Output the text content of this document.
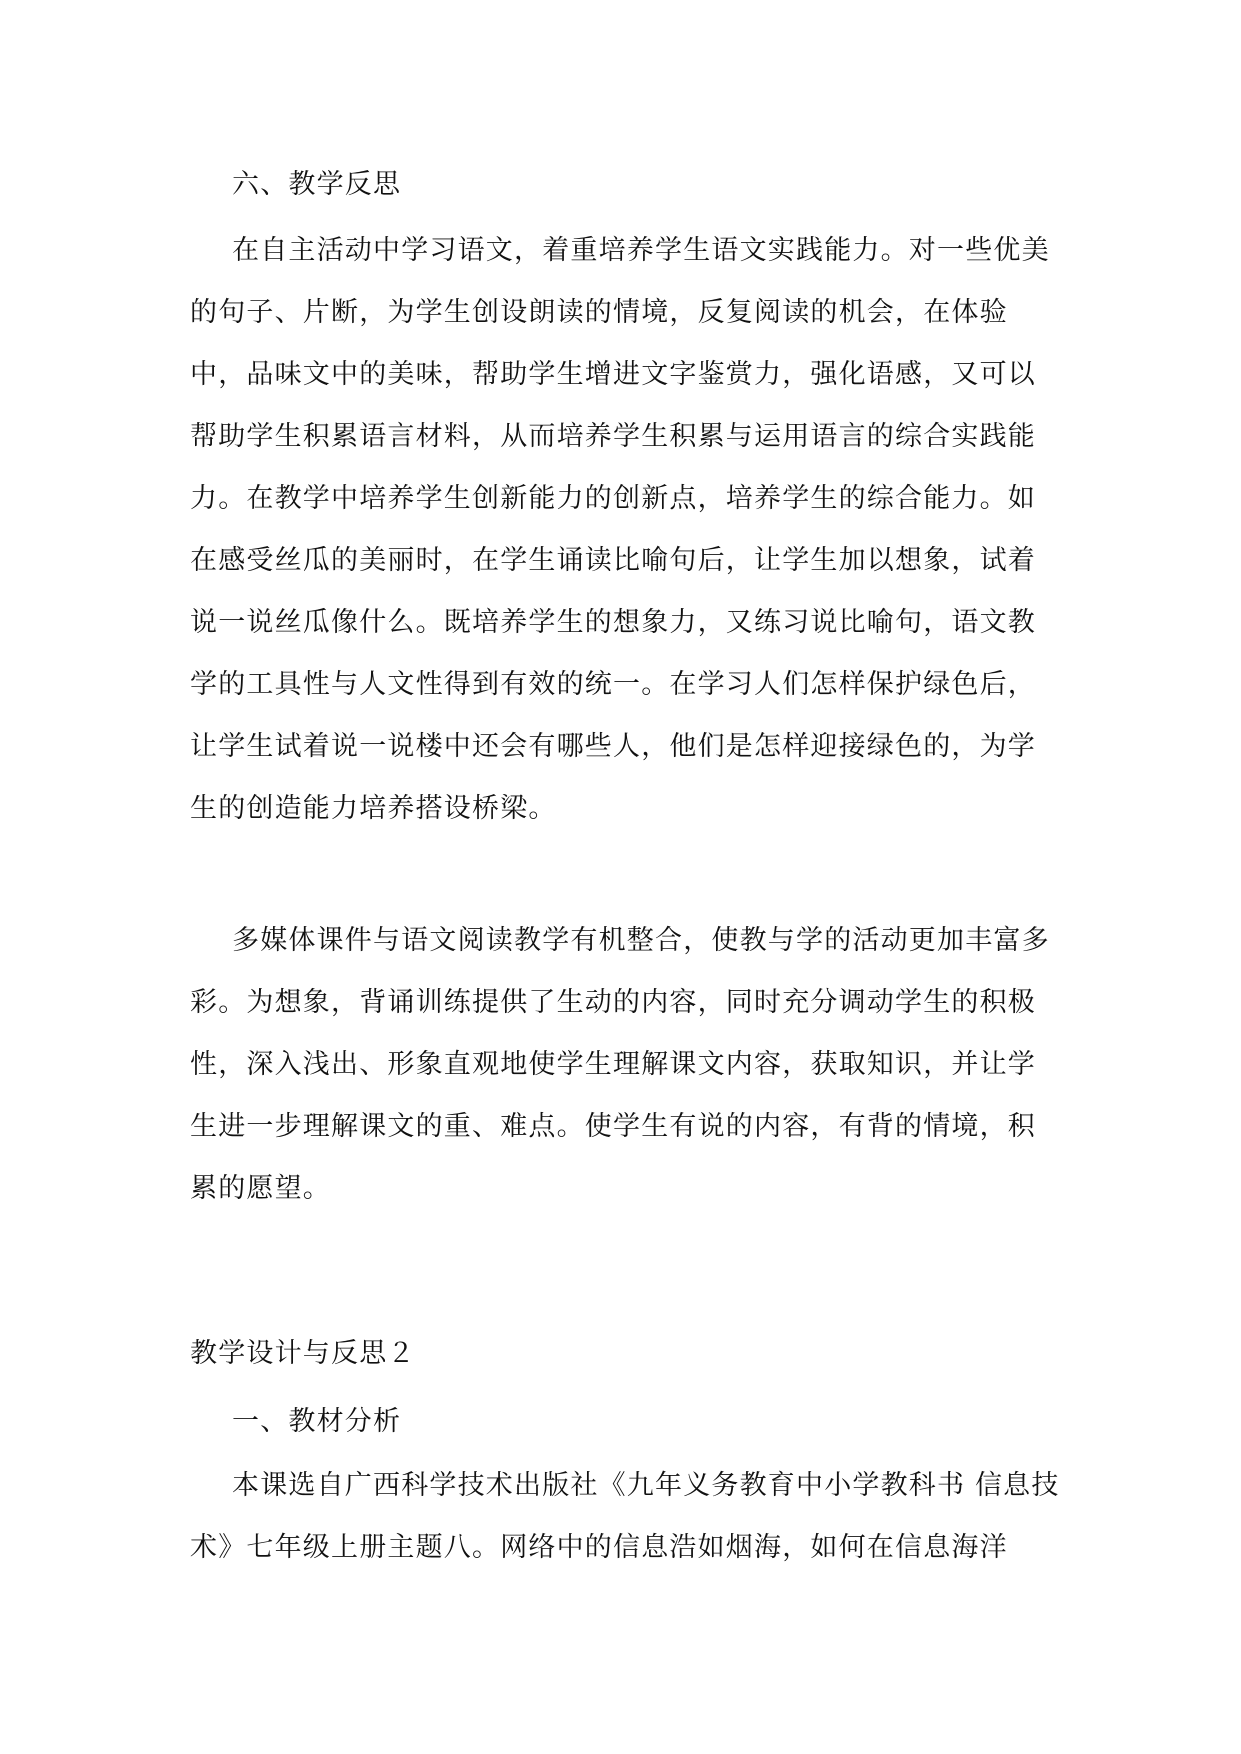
六、教学反思
在自主活动中学习语文，着重培养学生语文实践能力。对一些优美的句子、片断，为学生创设朗读的情境，反复阅读的机会，在体验中，品味文中的美味，帮助学生增进文字鉴赏力，强化语感，又可以帮助学生积累语言材料，从而培养学生积累与运用语言的综合实践能力。在教学中培养学生创新能力的创新点，培养学生的综合能力。如在感受丝瓜的美丽时，在学生诵读比喻句后，让学生加以想象，试着说一说丝瓜像什么。既培养学生的想象力，又练习说比喻句，语文教学的工具性与人文性得到有效的统一。在学习人们怎样保护绿色后，让学生试着说一说楼中还会有哪些人，他们是怎样迎接绿色的，为学生的创造能力培养搭设桥梁。
多媒体课件与语文阅读教学有机整合，使教与学的活动更加丰富多彩。为想象，背诵训练提供了生动的内容，同时充分调动学生的积极性，深入浅出、形象直观地使学生理解课文内容，获取知识，并让学生进一步理解课文的重、难点。使学生有说的内容，有背的情境，积累的愿望。
教学设计与反思２
一、教材分析
本课选自广西科学技术出版社《九年义务教育中小学教科书 信息技术》七年级上册主题八。网络中的信息浩如烟海，如何在信息海洋
